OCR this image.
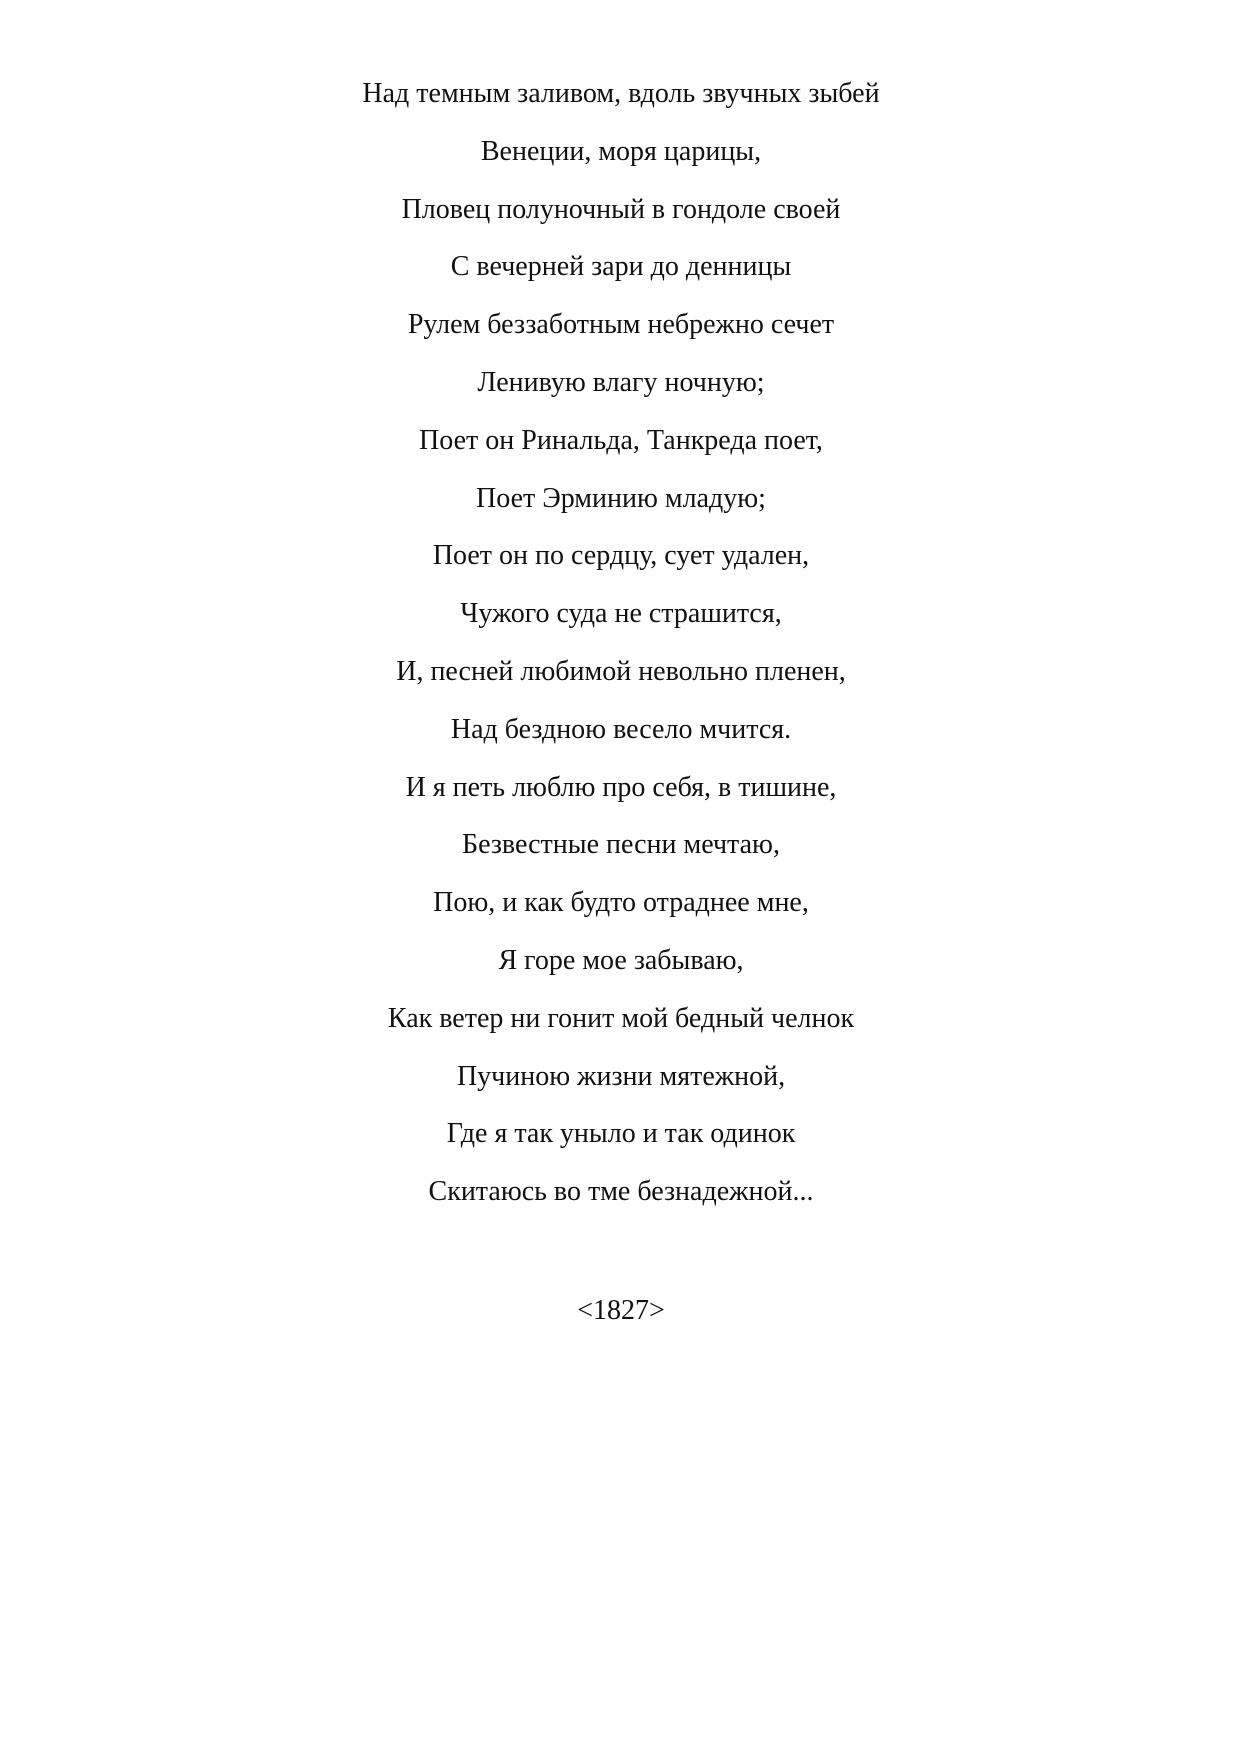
Над темным заливом, вдоль звучных зыбей
Венеции, моря царицы,
Пловец полуночный в гондоле своей
С вечерней зари до денницы
Рулем беззаботным небрежно сечет
Ленивую влагу ночную;
Поет он Ринальда, Танкреда поет,
Поет Эрминию младую;
Поет он по сердцу, сует удален,
Чужого суда не страшится,
И, песней любимой невольно пленен,
Над бездною весело мчится.
И я петь люблю про себя, в тишине,
Безвестные песни мечтаю,
Пою, и как будто отраднее мне,
Я горе мое забываю,
Как ветер ни гонит мой бедный челнок
Пучиною жизни мятежной,
Где я так уныло и так одинок
Скитаюсь во тме безнадежной...
<1827>
